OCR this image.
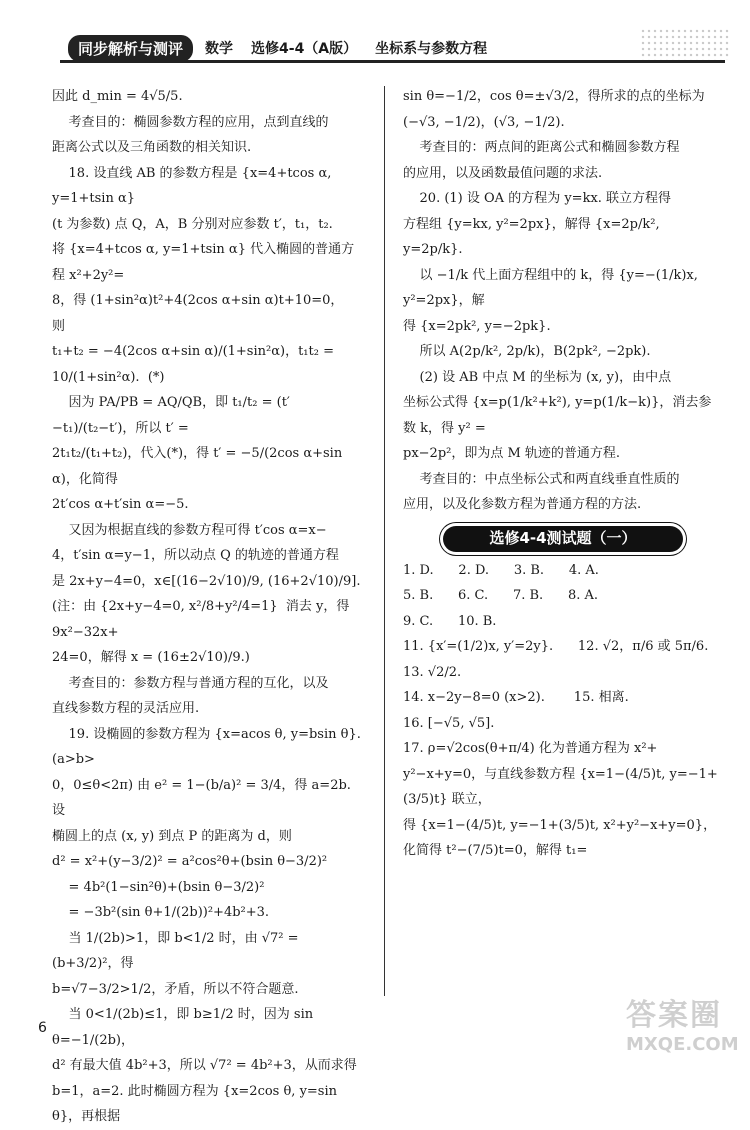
同步解析与测评	数学 选修4-4（A版） 坐标系与参数方程

因此 d_min = 4√5/5.

考查目的：椭圆参数方程的应用，点到直线的

距离公式以及三角函数的相关知识.

18. 设直线 AB 的参数方程是 {x=4+tcos α, y=1+tsin α}

(t 为参数) 点 Q，A，B 分别对应参数 t′，t₁，t₂.

将 {x=4+tcos α, y=1+tsin α} 代入椭圆的普通方程 x²+2y²=

8，得 (1+sin²α)t²+4(2cos α+sin α)t+10=0，

则

t₁+t₂ = −4(2cos α+sin α)/(1+sin²α)，t₁t₂ = 10/(1+sin²α).  (*)

因为 PA/PB = AQ/QB，即 t₁/t₂ = (t′−t₁)/(t₂−t′)，所以 t′ =

2t₁t₂/(t₁+t₂)，代入(*)，得 t′ = −5/(2cos α+sin α)，化简得

2t′cos α+t′sin α=−5.

又因为根据直线的参数方程可得 t′cos α=x−

4，t′sin α=y−1，所以动点 Q 的轨迹的普通方程

是 2x+y−4=0，x∈[(16−2√10)/9, (16+2√10)/9].

(注：由 {2x+y−4=0, x²/8+y²/4=1}  消去 y，得 9x²−32x+

24=0，解得 x = (16±2√10)/9.)

考查目的：参数方程与普通方程的互化，以及

直线参数方程的灵活应用.

19. 设椭圆的参数方程为 {x=acos θ, y=bsin θ}. (a>b>

0，0≤θ<2π) 由 e² = 1−(b/a)² = 3/4，得 a=2b. 设

椭圆上的点 (x, y) 到点 P 的距离为 d，则

d² = x²+(y−3/2)² = a²cos²θ+(bsin θ−3/2)²

= 4b²(1−sin²θ)+(bsin θ−3/2)²

= −3b²(sin θ+1/(2b))²+4b²+3.

当 1/(2b)>1，即 b<1/2 时，由 √7² = (b+3/2)²，得

b=√7−3/2>1/2，矛盾，所以不符合题意.

当 0<1/(2b)≤1，即 b≥1/2 时，因为 sin θ=−1/(2b)，

d² 有最大值 4b²+3，所以 √7² = 4b²+3，从而求得

b=1，a=2. 此时椭圆方程为 {x=2cos θ, y=sin θ}，再根据

sin θ=−1/2，cos θ=±√3/2，得所求的点的坐标为

(−√3, −1/2)，(√3, −1/2).

考查目的：两点间的距离公式和椭圆参数方程

的应用，以及函数最值问题的求法.

20. (1) 设 OA 的方程为 y=kx. 联立方程得

方程组 {y=kx, y²=2px}，解得 {x=2p/k², y=2p/k}.

以 −1/k 代上面方程组中的 k，得 {y=−(1/k)x, y²=2px}，解

得 {x=2pk², y=−2pk}.

所以 A(2p/k², 2p/k)，B(2pk², −2pk).

(2) 设 AB 中点 M 的坐标为 (x, y)，由中点

坐标公式得 {x=p(1/k²+k²), y=p(1/k−k)}，消去参数 k，得 y² =

px−2p²，即为点 M 轨迹的普通方程.

考查目的：中点坐标公式和两直线垂直性质的

应用，以及化参数方程为普通方程的方法.

选修4-4测试题（一）

1. D.      2. D.      3. B.      4. A.

5. B.      6. C.      7. B.      8. A.

9. C.      10. B.

11. {x′=(1/2)x, y′=2y}.      12. √2，π/6 或 5π/6.

13. √2/2.

14. x−2y−8=0 (x>2).       15. 相离.

16. [−√5, √5].

17. ρ=√2cos(θ+π/4) 化为普通方程为 x²+

y²−x+y=0，与直线参数方程 {x=1−(4/5)t, y=−1+(3/5)t} 联立，

得 {x=1−(4/5)t, y=−1+(3/5)t, x²+y²−x+y=0}，  化简得 t²−(7/5)t=0，解得 t₁=

6	答案圈
MXQE.COM
